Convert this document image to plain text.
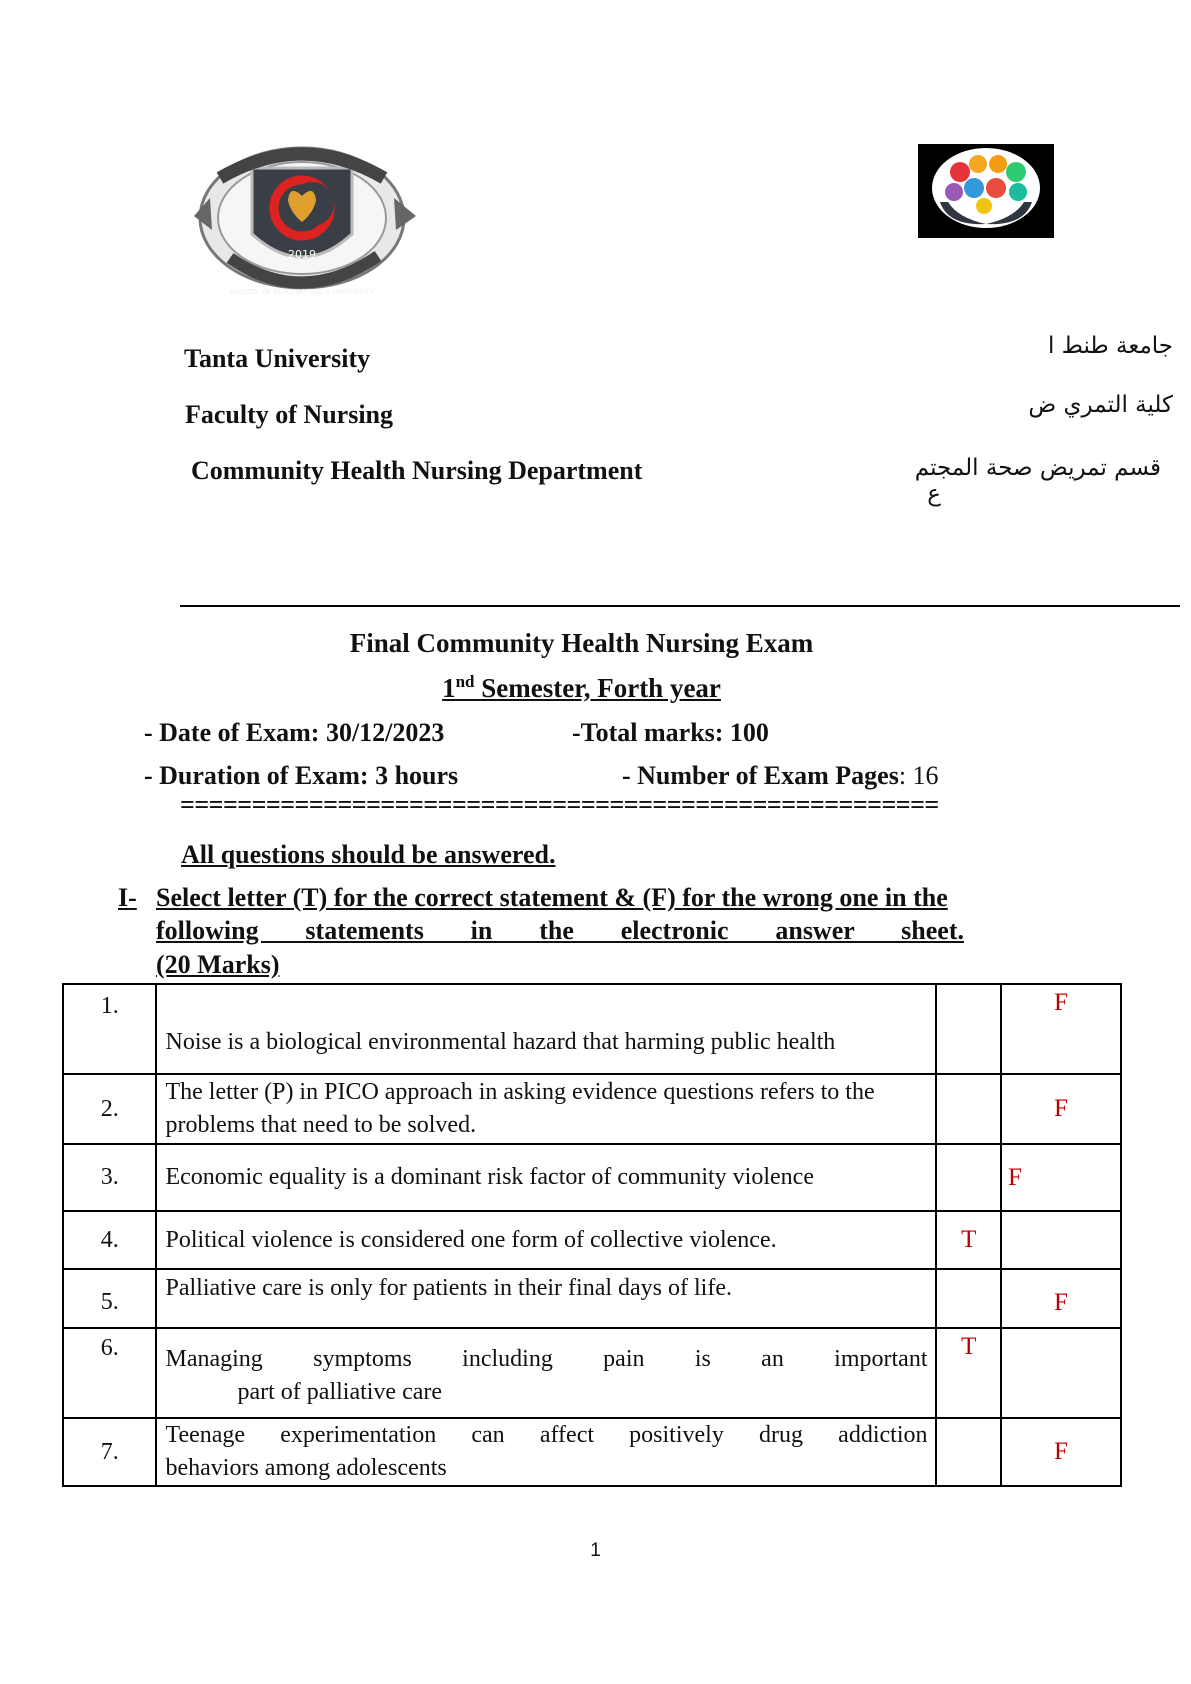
2019
FACULTY OF NURSING TANTA UNIVERSITY
Tanta University
Faculty of Nursing
Community Health Nursing Department
جامعة طنط ا
كلية التمري ض
قسم تمريض صحة المجتم
ع
Final Community Health Nursing Exam
1nd Semester, Forth year
- Date of Exam: 30/12/2023	-Total marks: 100
- Duration of Exam: 3 hours	- Number of Exam Pages: 16
=====================================================
All questions should be answered.
I- Select letter (T) for the correct statement & (F) for the wrong one in the
following statements in the electronic answer sheet.
(20 Marks)
1.	Noise is a biological environmental hazard that harming public health		F
2.	The letter (P) in PICO approach in asking evidence questions refers to the problems that need to be solved.		F
3.	Economic equality is a dominant risk factor of community violence		F
4.	Political violence is considered one form of collective violence.	T	
5.	Palliative care is only for patients in their final days of life.		F
6.	Managing symptoms including pain is an important
part of palliative care	T	
7.	Teenage experimentation can affect positively drug addiction
behaviors among adolescents		F
1
